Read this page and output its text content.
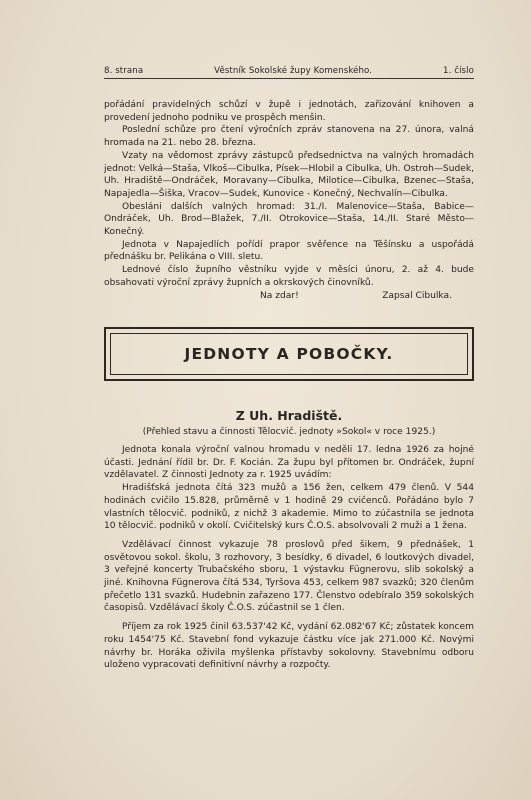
8. strana	Věstník Sokolské župy Komenského.	1. číslo

pořádání pravidelných schůzí v župě i jednotách, zařizování knihoven a provedení jednoho podniku ve prospěch menšin.

Poslední schůze pro čtení výročních zpráv stanovena na 27. února, valná hromada na 21. nebo 28. března.

Vzaty na vědomost zprávy zástupců předsednictva na valných hromadách jednot: Velká—Staša, Vlkoš—Cibulka, Písek—Hlobil a Cibulka, Uh. Ostroh—Sudek, Uh. Hradiště—Ondráček, Moravany—Cibulka, Milotice—Cibulka, Bzenec—Staša, Napajedla—Šiška, Vracov—Sudek, Kunovice - Konečný, Nechvalín—Cibulka.

Obesláni dalších valných hromad: 31./I. Malenovice—Staša, Babice—Ondráček, Uh. Brod—Blažek, 7./II. Otrokovice—Staša, 14./II. Staré Město—Konečný.

Jednota v Napajedlích pořídí prapor svěřence na Těšínsku a uspořádá přednášku br. Pelikána o VIII. sletu.

Lednové číslo župního věstníku vyjde v měsíci únoru, 2. až 4. bude obsahovati výroční zprávy župních a okrskových činovníků.

Na zdar!	Zapsal Cibulka.
JEDNOTY A POBOČKY.
Z Uh. Hradiště.
(Přehled stavu a činnosti Tělocvič. jednoty »Sokol« v roce 1925.)

Jednota konala výroční valnou hromadu v neděli 17. ledna 1926 za hojné účasti. Jednání řídil br. Dr. F. Kocián. Za župu byl přítomen br. Ondráček, župní vzdělavatel. Z činnosti Jednoty za r. 1925 uvádím:

Hradišťská jednota čítá 323 mužů a 156 žen, celkem 479 členů. V 544 hodinách cvičilo 15.828, průměrně v 1 hodině 29 cvičenců. Pořádáno bylo 7 vlastních tělocvič. podniků, z nichž 3 akademie. Mimo to zúčastnila se jednota 10 tělocvič. podniků v okolí. Cvičitelský kurs Č.O.S. absolvovali 2 muži a 1 žena.

Vzdělávací činnost vykazuje 78 proslovů před šikem, 9 přednášek, 1 osvětovou sokol. školu, 3 rozhovory, 3 besídky, 6 divadel, 6 loutkových divadel, 3 veřejné koncerty Trubačského sboru, 1 výstavku Fügnerovu, slib sokolský a jiné. Knihovna Fügnerova čítá 534, Tyršova 453, celkem 987 svazků; 320 členům přečetlo 131 svazků. Hudebnin zařazeno 177. Členstvo odebíralo 359 sokolských časopisů. Vzdělávací školy Č.O.S. zúčastnil se 1 člen.

Příjem za rok 1925 činil 63.537'42 Kč, vydání 62.082'67 Kč; zůstatek koncem roku 1454'75 Kč. Stavební fond vykazuje částku více jak 271.000 Kč. Novými návrhy br. Horáka oživila myšlenka přístavby sokolovny. Stavebnímu odboru uloženo vypracovati definitivní návrhy a rozpočty.
